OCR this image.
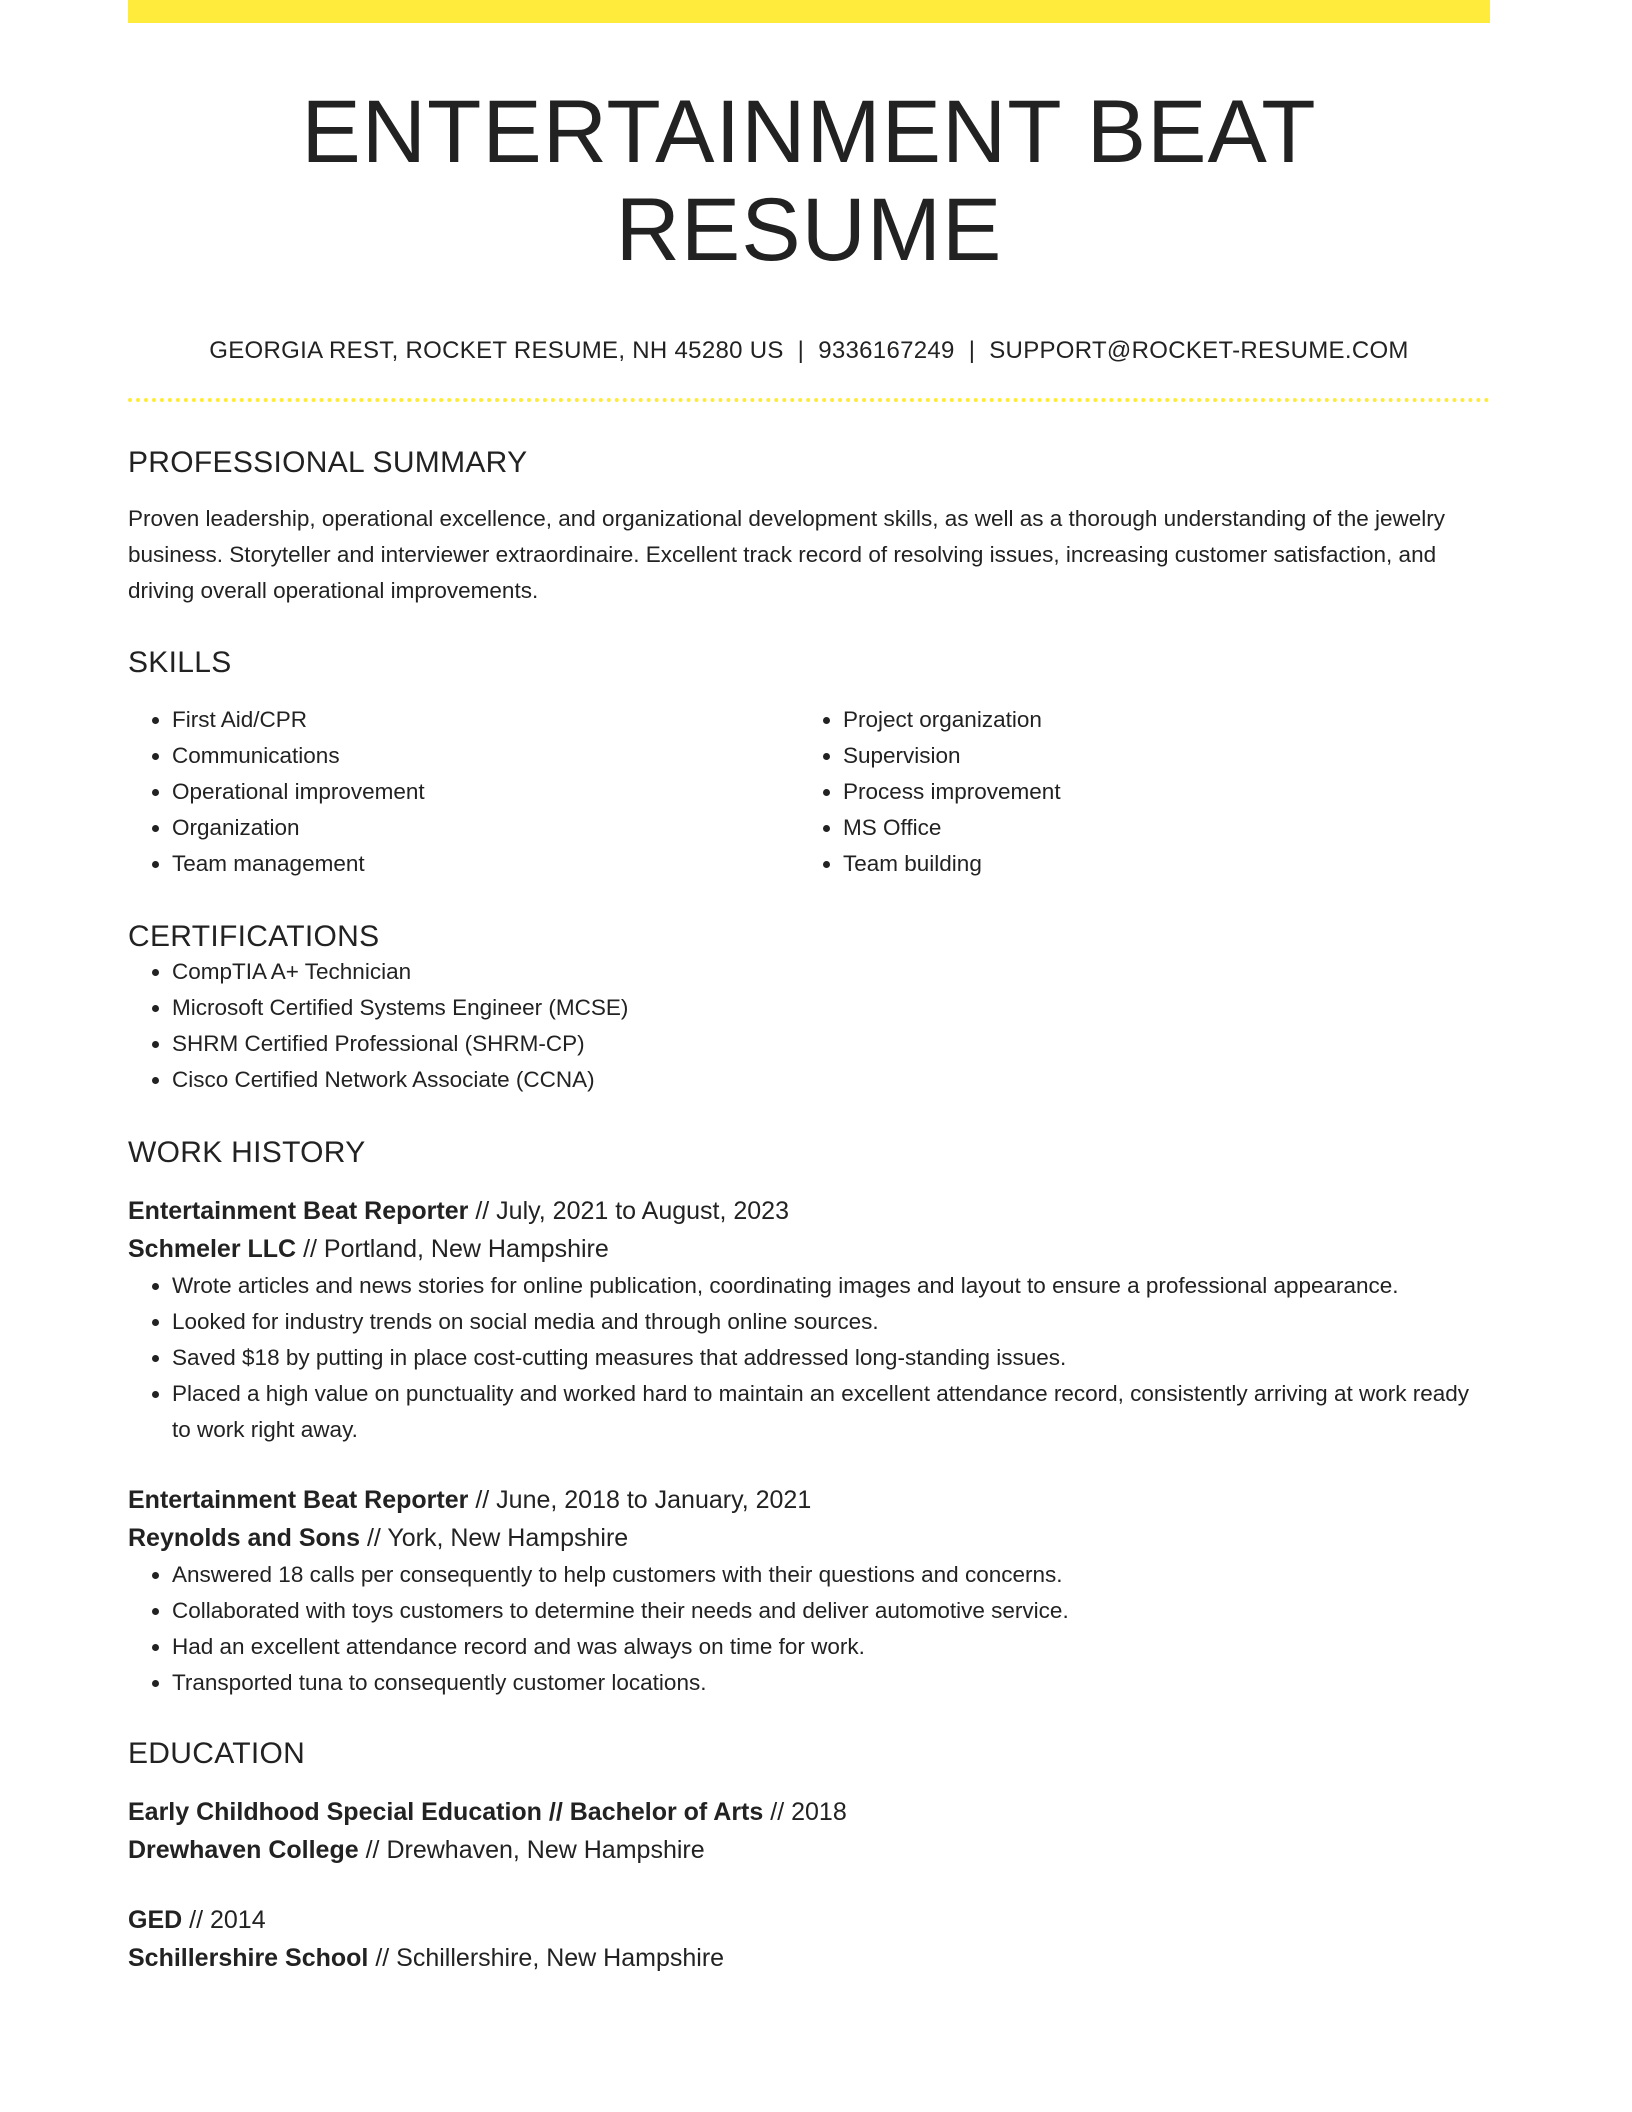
ENTERTAINMENT BEAT RESUME
GEORGIA REST, ROCKET RESUME, NH 45280 US | 9336167249 | SUPPORT@ROCKET-RESUME.COM
PROFESSIONAL SUMMARY
Proven leadership, operational excellence, and organizational development skills, as well as a thorough understanding of the jewelry business. Storyteller and interviewer extraordinaire. Excellent track record of resolving issues, increasing customer satisfaction, and driving overall operational improvements.
SKILLS
• First Aid/CPR
• Communications
• Operational improvement
• Organization
• Team management
• Project organization
• Supervision
• Process improvement
• MS Office
• Team building
CERTIFICATIONS
• CompTIA A+ Technician
• Microsoft Certified Systems Engineer (MCSE)
• SHRM Certified Professional (SHRM-CP)
• Cisco Certified Network Associate (CCNA)
WORK HISTORY
Entertainment Beat Reporter // July, 2021 to August, 2023
Schmeler LLC // Portland, New Hampshire
• Wrote articles and news stories for online publication, coordinating images and layout to ensure a professional appearance.
• Looked for industry trends on social media and through online sources.
• Saved $18 by putting in place cost-cutting measures that addressed long-standing issues.
• Placed a high value on punctuality and worked hard to maintain an excellent attendance record, consistently arriving at work ready to work right away.
Entertainment Beat Reporter // June, 2018 to January, 2021
Reynolds and Sons // York, New Hampshire
• Answered 18 calls per consequently to help customers with their questions and concerns.
• Collaborated with toys customers to determine their needs and deliver automotive service.
• Had an excellent attendance record and was always on time for work.
• Transported tuna to consequently customer locations.
EDUCATION
Early Childhood Special Education // Bachelor of Arts // 2018
Drewhaven College // Drewhaven, New Hampshire
GED // 2014
Schillershire School // Schillershire, New Hampshire
